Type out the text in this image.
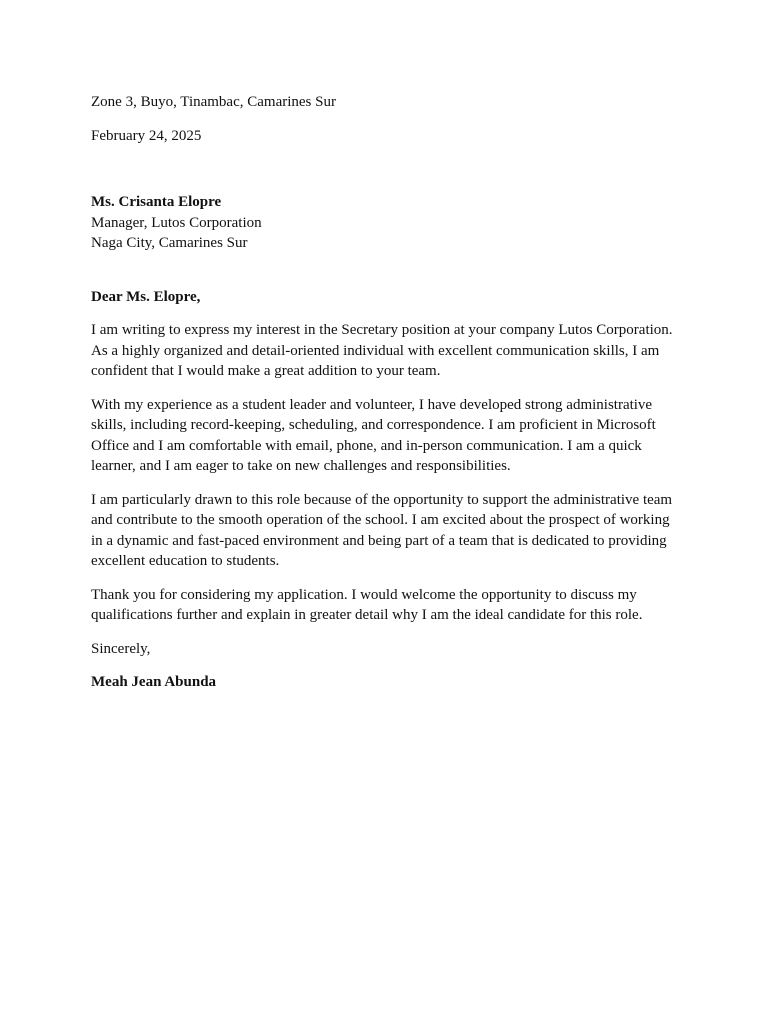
Zone 3, Buyo, Tinambac, Camarines Sur

February 24, 2025

Ms. Crisanta Elopre

Manager, Lutos Corporation

Naga City, Camarines Sur

Dear Ms. Elopre,

I am writing to express my interest in the Secretary position at your company Lutos Corporation.

As a highly organized and detail-oriented individual with excellent communication skills, I am

confident that I would make a great addition to your team.

With my experience as a student leader and volunteer, I have developed strong administrative

skills, including record-keeping, scheduling, and correspondence. I am proficient in Microsoft

Office and I am comfortable with email, phone, and in-person communication. I am a quick

learner, and I am eager to take on new challenges and responsibilities.

I am particularly drawn to this role because of the opportunity to support the administrative team

and contribute to the smooth operation of the school. I am excited about the prospect of working

in a dynamic and fast-paced environment and being part of a team that is dedicated to providing

excellent education to students.

Thank you for considering my application. I would welcome the opportunity to discuss my

qualifications further and explain in greater detail why I am the ideal candidate for this role.

Sincerely,

Meah Jean Abunda
